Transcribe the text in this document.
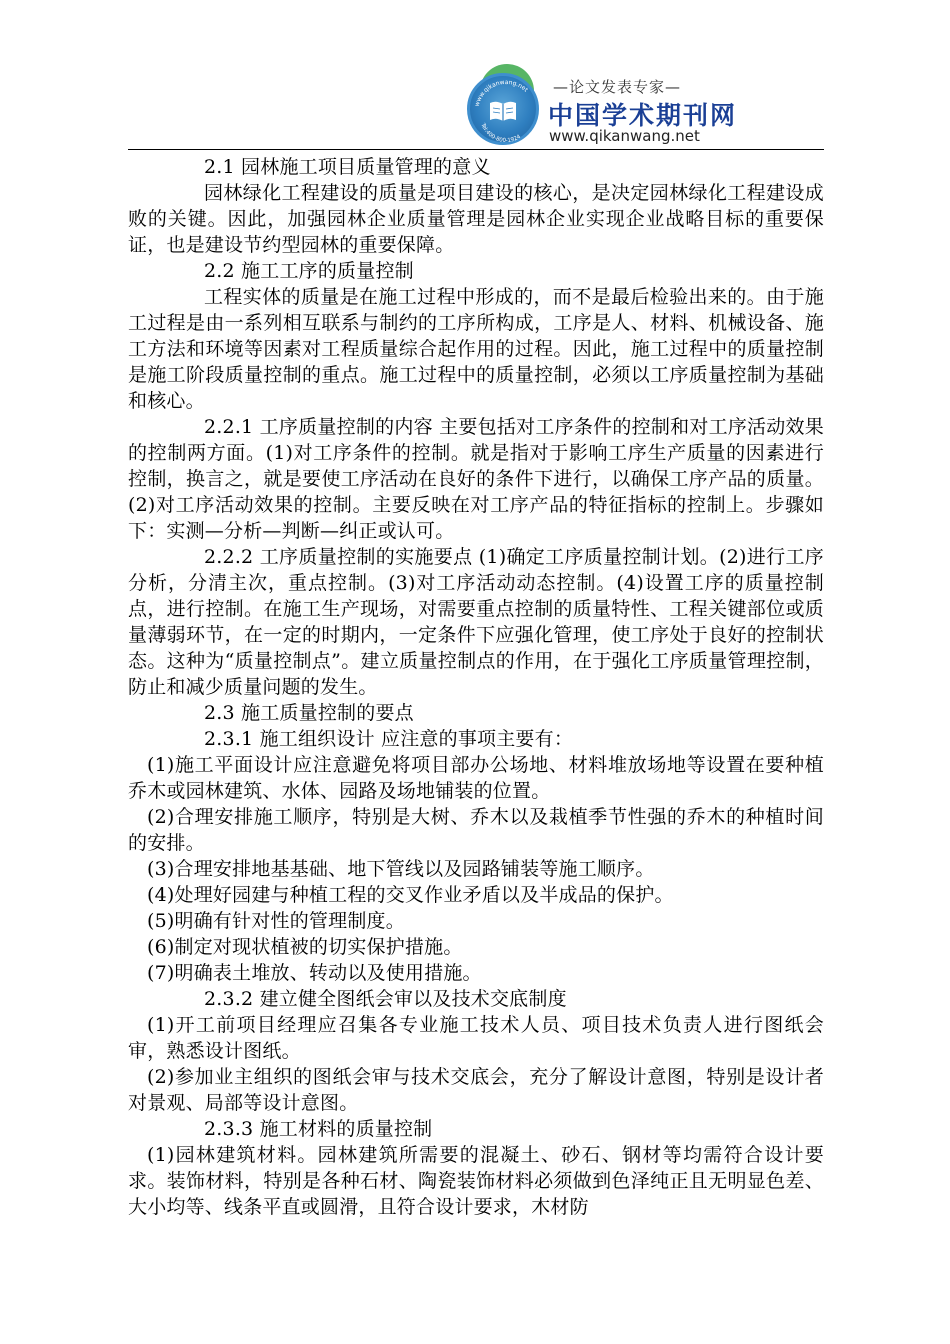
www.qikanwang.net
Tel:400-800-1924
—论文发表专家—
中国学术期刊网
www.qikanwang.net

2.1 园林施工项目质量管理的意义

园林绿化工程建设的质量是项目建设的核心，是决定园林绿化工程建设成败的关键。因此，加强园林企业质量管理是园林企业实现企业战略目标的重要保证，也是建设节约型园林的重要保障。

2.2 施工工序的质量控制

工程实体的质量是在施工过程中形成的，而不是最后检验出来的。由于施工过程是由一系列相互联系与制约的工序所构成，工序是人、材料、机械设备、施工方法和环境等因素对工程质量综合起作用的过程。因此，施工过程中的质量控制是施工阶段质量控制的重点。施工过程中的质量控制，必须以工序质量控制为基础和核心。

2.2.1 工序质量控制的内容 主要包括对工序条件的控制和对工序活动效果的控制两方面。(1)对工序条件的控制。就是指对于影响工序生产质量的因素进行控制，换言之，就是要使工序活动在良好的条件下进行，以确保工序产品的质量。(2)对工序活动效果的控制。主要反映在对工序产品的特征指标的控制上。步骤如下：实测—分析—判断—纠正或认可。

2.2.2 工序质量控制的实施要点 (1)确定工序质量控制计划。(2)进行工序分析，分清主次，重点控制。(3)对工序活动动态控制。(4)设置工序的质量控制点，进行控制。在施工生产现场，对需要重点控制的质量特性、工程关键部位或质量薄弱环节，在一定的时期内，一定条件下应强化管理，使工序处于良好的控制状态。这种为“质量控制点”。建立质量控制点的作用，在于强化工序质量管理控制，防止和减少质量问题的发生。

2.3 施工质量控制的要点

2.3.1 施工组织设计 应注意的事项主要有：

(1)施工平面设计应注意避免将项目部办公场地、材料堆放场地等设置在要种植乔木或园林建筑、水体、园路及场地铺装的位置。

(2)合理安排施工顺序，特别是大树、乔木以及栽植季节性强的乔木的种植时间的安排。

(3)合理安排地基基础、地下管线以及园路铺装等施工顺序。

(4)处理好园建与种植工程的交叉作业矛盾以及半成品的保护。

(5)明确有针对性的管理制度。

(6)制定对现状植被的切实保护措施。

(7)明确表土堆放、转动以及使用措施。

2.3.2 建立健全图纸会审以及技术交底制度

(1)开工前项目经理应召集各专业施工技术人员、项目技术负责人进行图纸会审，熟悉设计图纸。

(2)参加业主组织的图纸会审与技术交底会，充分了解设计意图，特别是设计者对景观、局部等设计意图。

2.3.3 施工材料的质量控制

(1)园林建筑材料。园林建筑所需要的混凝土、砂石、钢材等均需符合设计要求。装饰材料，特别是各种石材、陶瓷装饰材料必须做到色泽纯正且无明显色差、大小均等、线条平直或圆滑，且符合设计要求，木材防
